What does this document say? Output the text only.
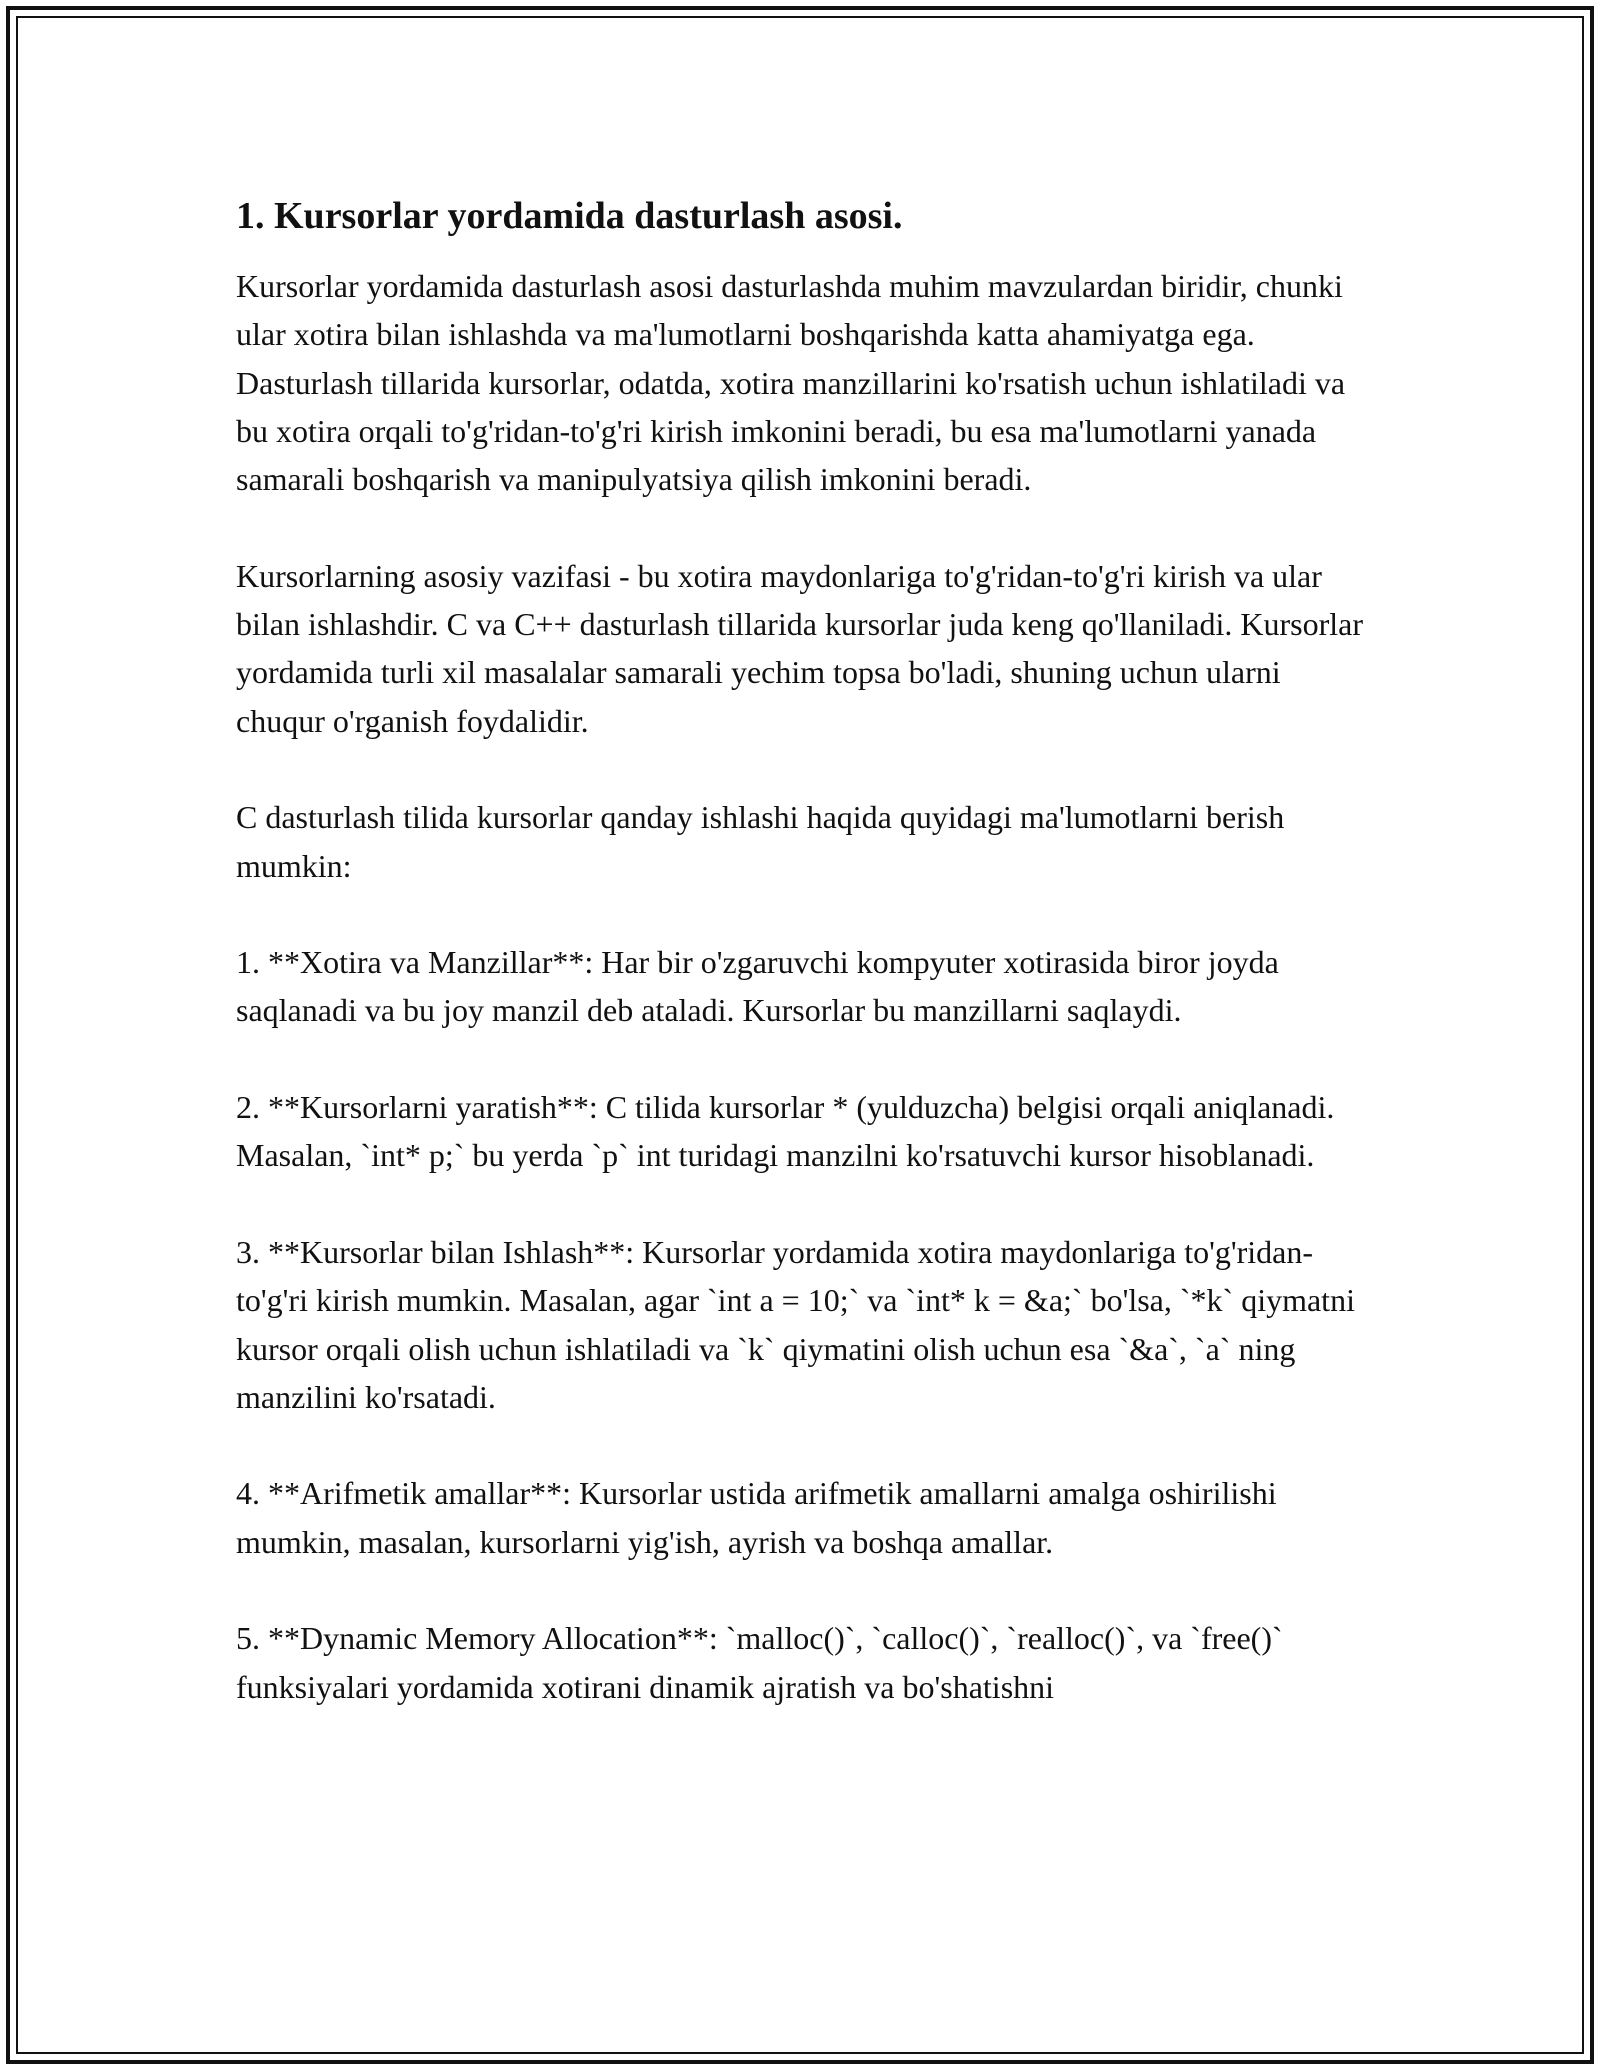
1. Kursorlar yordamida dasturlash asosi.

Kursorlar yordamida dasturlash asosi dasturlashda muhim mavzulardan biridir, chunki ular xotira bilan ishlashda va ma'lumotlarni boshqarishda katta ahamiyatga ega. Dasturlash tillarida kursorlar, odatda, xotira manzillarini ko'rsatish uchun ishlatiladi va bu xotira orqali to'g'ridan-to'g'ri kirish imkonini beradi, bu esa ma'lumotlarni yanada samarali boshqarish va manipulyatsiya qilish imkonini beradi.

Kursorlarning asosiy vazifasi - bu xotira maydonlariga to'g'ridan-to'g'ri kirish va ular bilan ishlashdir. C va C++ dasturlash tillarida kursorlar juda keng qo'llaniladi. Kursorlar yordamida turli xil masalalar samarali yechim topsa bo'ladi, shuning uchun ularni chuqur o'rganish foydalidir.

C dasturlash tilida kursorlar qanday ishlashi haqida quyidagi ma'lumotlarni berish mumkin:

1. **Xotira va Manzillar**: Har bir o'zgaruvchi kompyuter xotirasida biror joyda saqlanadi va bu joy manzil deb ataladi. Kursorlar bu manzillarni saqlaydi.

2. **Kursorlarni yaratish**: C tilida kursorlar * (yulduzcha) belgisi orqali aniqlanadi. Masalan, `int* p;` bu yerda `p` int turidagi manzilni ko'rsatuvchi kursor hisoblanadi.

3. **Kursorlar bilan Ishlash**: Kursorlar yordamida xotira maydonlariga to'g'ridan-to'g'ri kirish mumkin. Masalan, agar `int a = 10;` va `int* k = &a;` bo'lsa, `*k` qiymatni kursor orqali olish uchun ishlatiladi va `k` qiymatini olish uchun esa `&a`, `a` ning manzilini ko'rsatadi.

4. **Arifmetik amallar**: Kursorlar ustida arifmetik amallarni amalga oshirilishi mumkin, masalan, kursorlarni yig'ish, ayrish va boshqa amallar.

5. **Dynamic Memory Allocation**: `malloc()`, `calloc()`, `realloc()`, va `free()` funksiyalari yordamida xotirani dinamik ajratish va bo'shatishni
